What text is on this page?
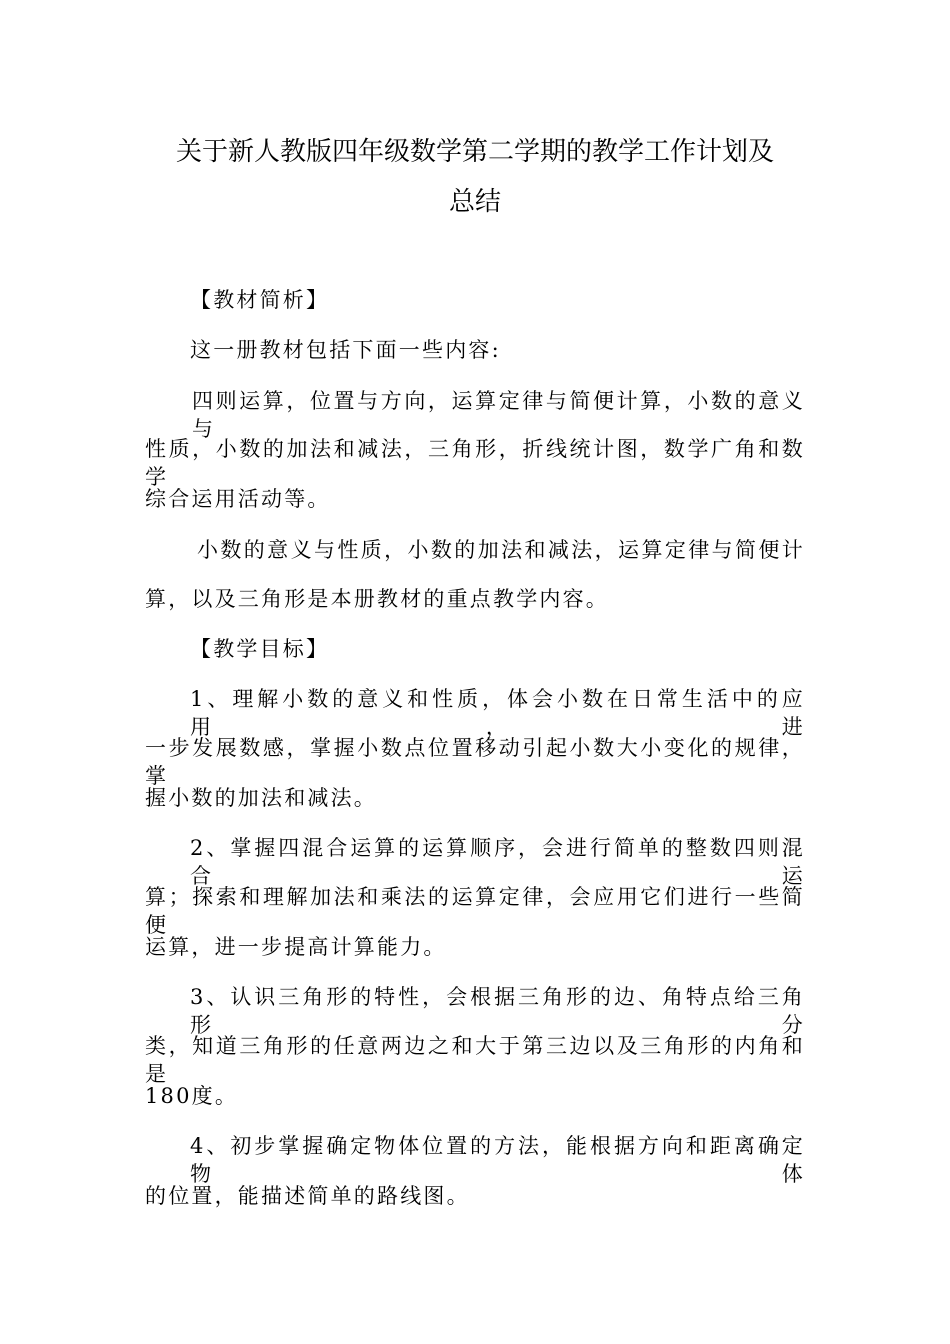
关于新人教版四年级数学第二学期的教学工作计划及
总结
【教材简析】
这一册教材包括下面一些内容:
四则运算，位置与方向，运算定律与简便计算，小数的意义与
性质，小数的加法和减法，三角形，折线统计图，数学广角和数学
综合运用活动等。
小数的意义与性质，小数的加法和减法，运算定律与简便计
算，以及三角形是本册教材的重点教学内容。
【教学目标】
1、理解小数的意义和性质，体会小数在日常生活中的应用，进
一步发展数感，掌握小数点位置移动引起小数大小变化的规律，掌
握小数的加法和减法。
2、掌握四混合运算的运算顺序，会进行简单的整数四则混合运
算；探索和理解加法和乘法的运算定律，会应用它们进行一些简便
运算，进一步提高计算能力。
3、认识三角形的特性，会根据三角形的边、角特点给三角形分
类，知道三角形的任意两边之和大于第三边以及三角形的内角和是
180度。
4、初步掌握确定物体位置的方法，能根据方向和距离确定物体
的位置，能描述简单的路线图。
